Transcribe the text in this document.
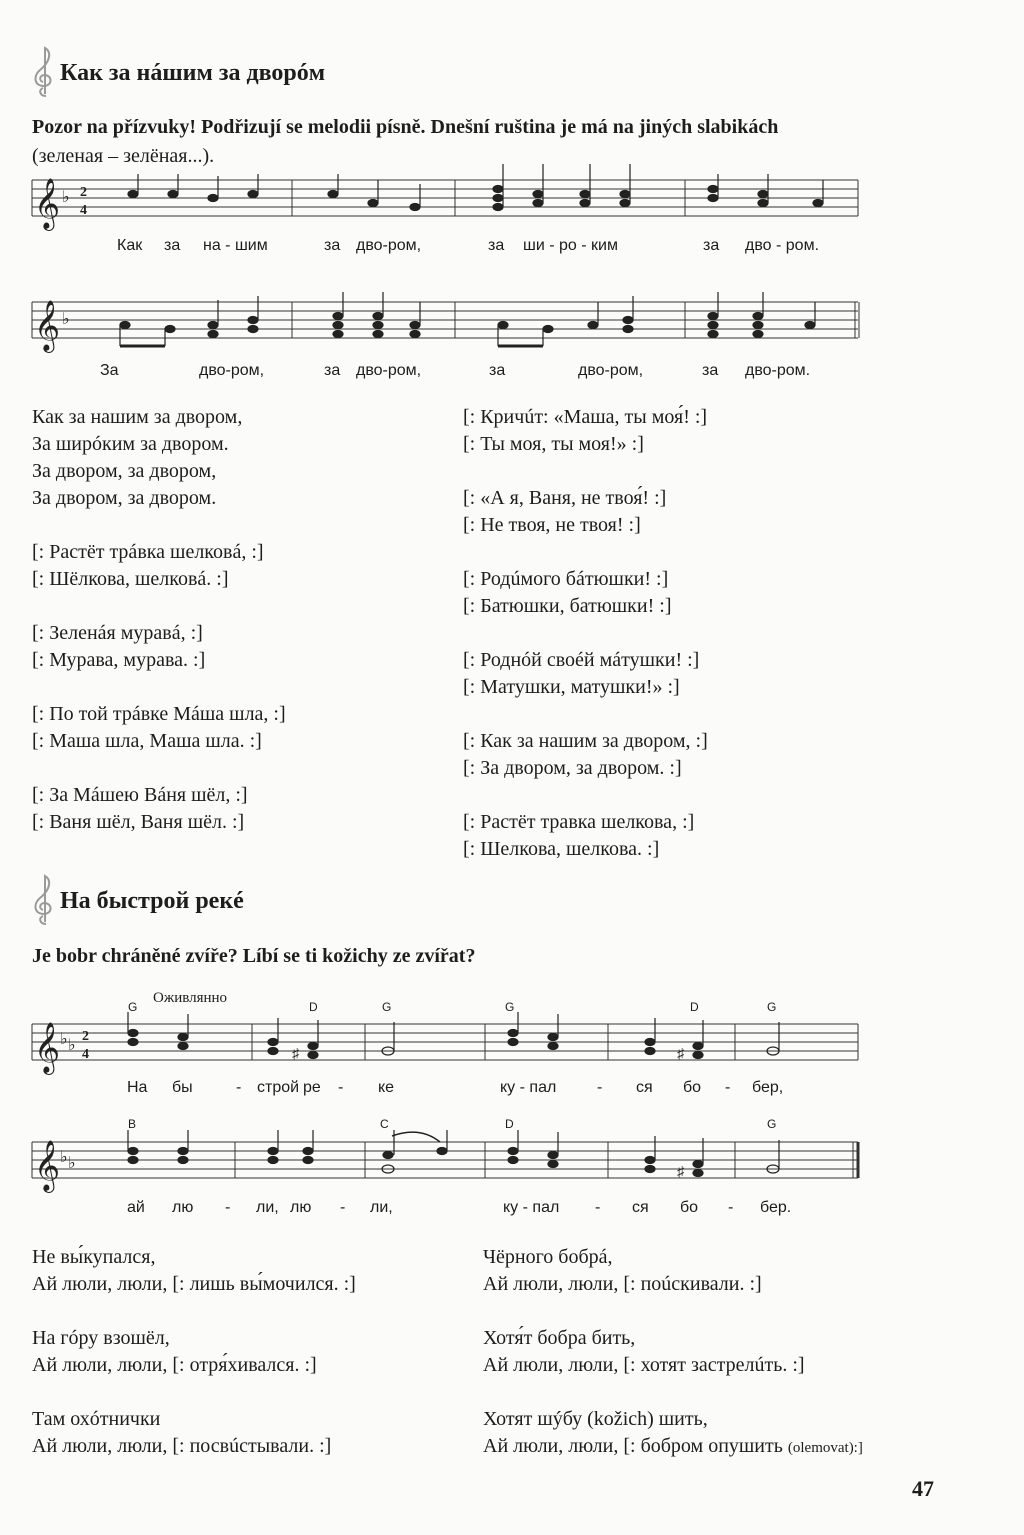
Как за нáшим за дворóм
Pozor na přízvuky! Podřizují se melodii písně. Dnešní ruština je má na jiných slabikách
(зеленая – зелёная...).
𝄞 ♭ 2
4
Как за на - шим	за дво-ром,	за ши - ро - ким	за дво - ром.
𝄞 ♭
За	дво-ром,	за дво-ром,	за	дво-ром,	за дво-ром.
Как за нашим за двором,
За ширóким за двором.
За двором, за двором,
За двором, за двором.
[: Растёт трáвка шелковá, :]
[: Шёлкова, шелковá. :]
[: Зеленáя муравá, :]
[: Мурава, мурава. :]
[: По той трáвке Мáша шла, :]
[: Маша шла, Маша шла. :]
[: За Мáшею Вáня шёл, :]
[: Ваня шёл, Ваня шёл. :]
[: Кричúт: «Маша, ты моя́! :]
[: Ты моя, ты моя!» :]
[: «А я, Ваня, не твоя́! :]
[: Не твоя, не твоя! :]
[: Родúмого бáтюшки! :]
[: Батюшки, батюшки! :]
[: Роднóй своéй мáтушки! :]
[: Матушки, матушки!» :]
[: Как за нашим за двором, :]
[: За двором, за двором. :]
[: Растёт травка шелкова, :]
[: Шелкова, шелкова. :]
На быстрой рекé
Je bobr chráněné zvíře? Líbí se ti kožichy ze zvířat?
Оживлянно
G	D	G	G	D	G
𝄞 ♭ ♭
2
4	♯	♯
На бы	- строй ре - ке	ку - пал	- ся бо - бер,
B	C	D	G
𝄞 ♭ ♭
♯
ай лю - ли, лю - ли,	ку - пал - ся бо - бер.
Не вы́купался,
Ай люли, люли, [: лишь вы́мочился. :]
На гóру взошёл,
Ай люли, люли, [: отря́хивался. :]
Там охóтнички
Ай люли, люли, [: посвúстывали. :]
Чёрного бобрá,
Ай люли, люли, [: пoúскивали. :]
Хотя́т бобра бить,
Ай люли, люли, [: хотят застрелúть. :]
Хотят шýбу (kožich) шить,
Ай люли, люли, [: бобром опушить (olemovat):]
47
